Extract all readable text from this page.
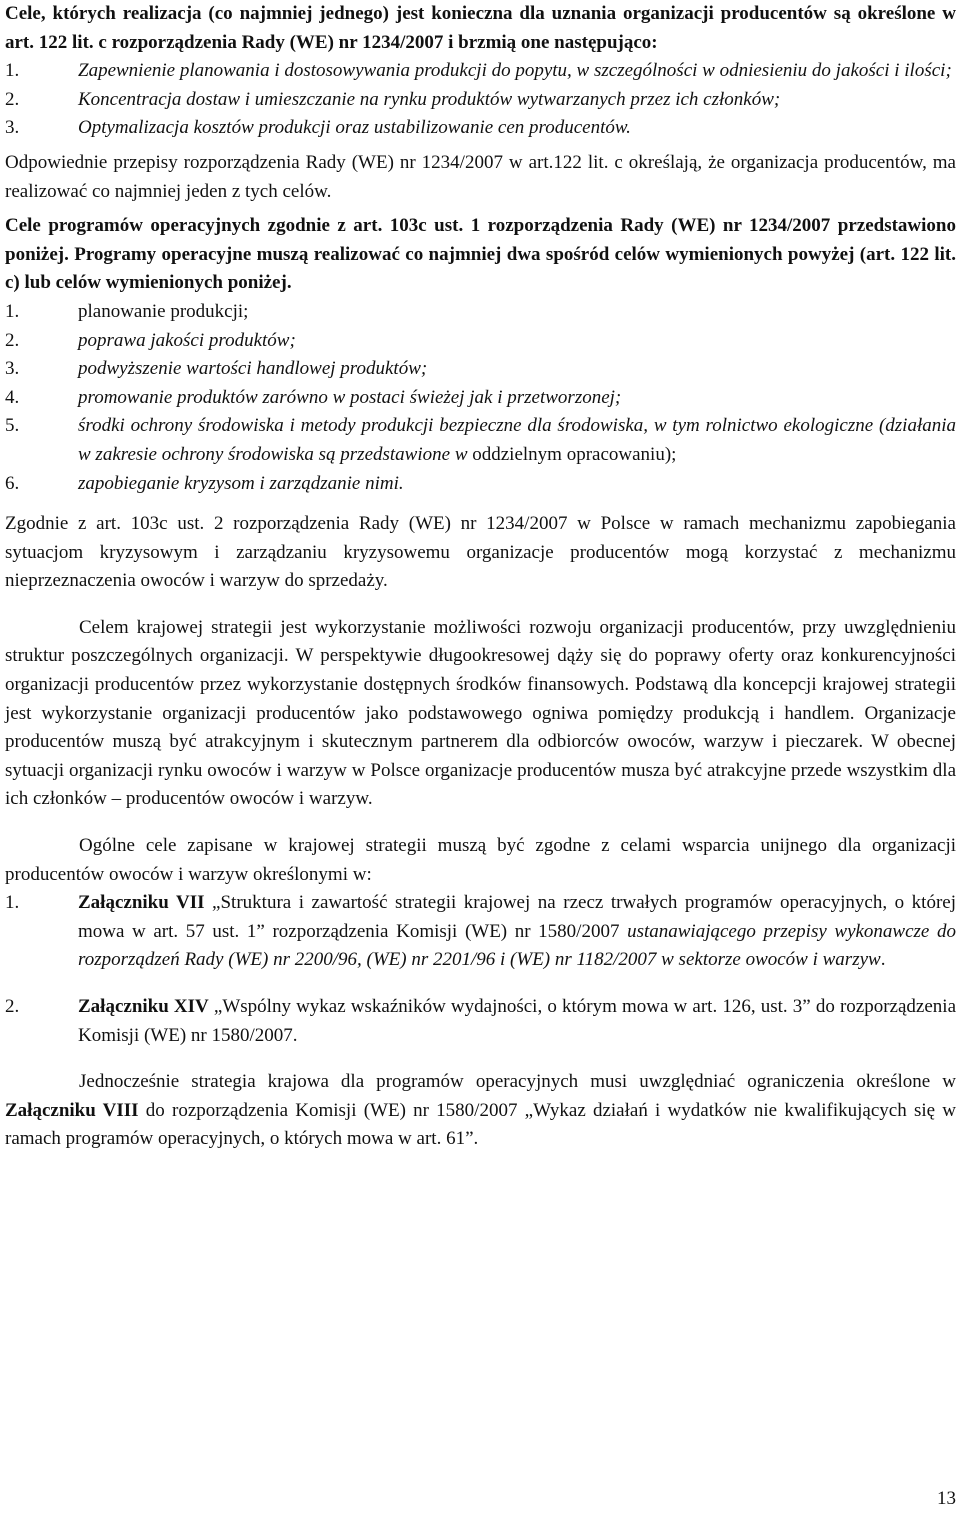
Cele, których realizacja (co najmniej jednego) jest konieczna dla uznania organizacji producentów są określone w art. 122 lit. c rozporządzenia Rady (WE) nr 1234/2007 i brzmią one następująco:

1.	Zapewnienie planowania i dostosowywania produkcji do popytu, w szczególności w odniesieniu do jakości i ilości;
2.	Koncentracja dostaw i umieszczanie na rynku produktów wytwarzanych przez ich członków;
3.	Optymalizacja kosztów produkcji oraz ustabilizowanie cen producentów.

Odpowiednie przepisy rozporządzenia Rady (WE) nr 1234/2007 w art.122 lit. c określają, że organizacja producentów, ma realizować co najmniej jeden z tych celów.

Cele programów operacyjnych zgodnie z art. 103c ust. 1 rozporządzenia Rady (WE) nr 1234/2007 przedstawiono poniżej. Programy operacyjne muszą realizować co najmniej dwa spośród celów wymienionych powyżej (art. 122 lit. c) lub celów wymienionych poniżej.

1.	planowanie produkcji;
2.	poprawa jakości produktów;
3.	podwyższenie wartości handlowej produktów;
4.	promowanie produktów zarówno w postaci świeżej jak i przetworzonej;
5.	środki ochrony środowiska i metody produkcji bezpieczne dla środowiska, w tym rolnictwo ekologiczne (działania w zakresie ochrony środowiska są przedstawione w oddzielnym opracowaniu);
6.	zapobieganie kryzysom i zarządzanie nimi.

Zgodnie z art. 103c ust. 2 rozporządzenia Rady (WE) nr 1234/2007 w Polsce w ramach mechanizmu zapobiegania sytuacjom kryzysowym i zarządzaniu kryzysowemu organizacje producentów mogą korzystać z mechanizmu nieprzeznaczenia owoców i warzyw do sprzedaży.

Celem krajowej strategii jest wykorzystanie możliwości rozwoju organizacji producentów, przy uwzględnieniu struktur poszczególnych organizacji. W perspektywie długookresowej dąży się do poprawy oferty oraz konkurencyjności organizacji producentów przez wykorzystanie dostępnych środków finansowych. Podstawą dla koncepcji krajowej strategii jest wykorzystanie organizacji producentów jako podstawowego ogniwa pomiędzy produkcją i handlem. Organizacje producentów muszą być atrakcyjnym i skutecznym partnerem dla odbiorców owoców, warzyw i pieczarek. W obecnej sytuacji organizacji rynku owoców i warzyw w Polsce organizacje producentów musza być atrakcyjne przede wszystkim dla ich członków – producentów owoców i warzyw.

Ogólne cele zapisane w krajowej strategii muszą być zgodne z celami wsparcia unijnego dla organizacji producentów owoców i warzyw określonymi w:

1.	Załączniku VII „Struktura i zawartość strategii krajowej na rzecz trwałych programów operacyjnych, o której mowa w art. 57 ust. 1” rozporządzenia Komisji (WE) nr 1580/2007 ustanawiającego przepisy wykonawcze do rozporządzeń Rady (WE) nr 2200/96, (WE) nr 2201/96 i (WE) nr 1182/2007 w sektorze owoców i warzyw.
2.	Załączniku XIV „Wspólny wykaz wskaźników wydajności, o którym mowa w art. 126, ust. 3” do rozporządzenia Komisji (WE) nr 1580/2007.

Jednocześnie strategia krajowa dla programów operacyjnych musi uwzględniać ograniczenia określone w Załączniku VIII do rozporządzenia Komisji (WE) nr 1580/2007 „Wykaz działań i wydatków nie kwalifikujących się w ramach programów operacyjnych, o których mowa w art. 61”.

13
